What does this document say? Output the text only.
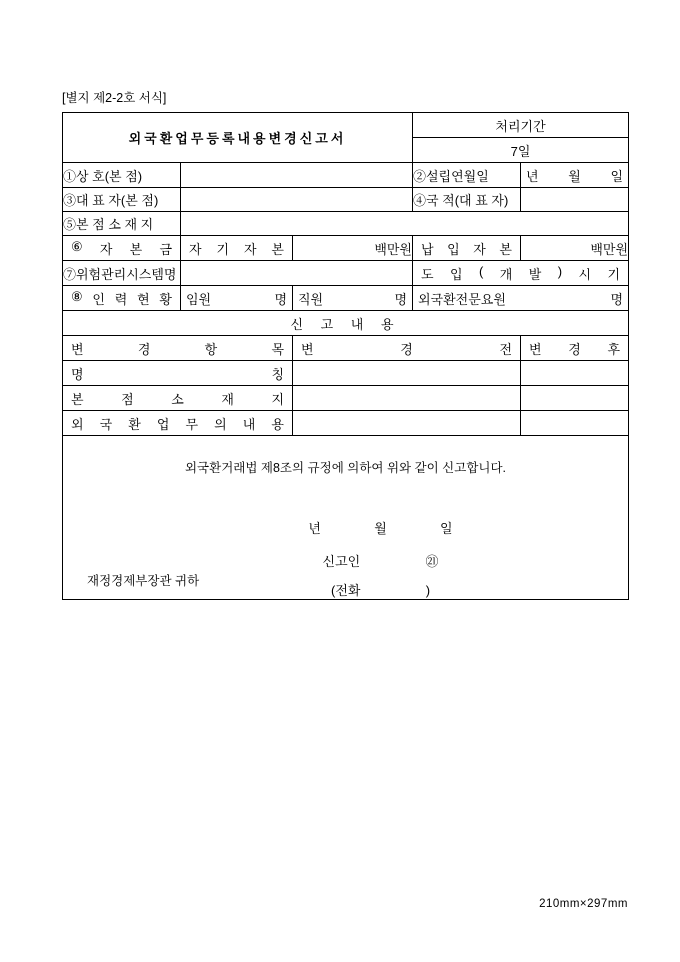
[별지 제2-2호 서식]
외국환업무등록내용변경신고서			처리기간	
			7일	
①상 호(본 점)			②설립연월일	년 월 일

③대 표 자(본 점)			④국 적(대 표 자)	
⑤본 점 소 재 지				

⑥ 자 본 금	자 기 자 본	백만원	납 입 자 본	백만원
⑦위험관리시스템명		도 입 ( 개 발 ) 시 기

⑧ 인 력 현 황	임원 명	직원 명	외국환전문요원 명	

신 고 내 용				

변 경 항 목		변 경 전		변 경 후

명 칭				

본 점 소 재 지				

외 국 환 업 무 의 내 용

외국환거래법 제8조의 규정에 의하여 위와 같이 신고합니다.
년 월 일
신고인 ㉑
(전화 )
재정경제부장관 귀하				
210mm×297mm
